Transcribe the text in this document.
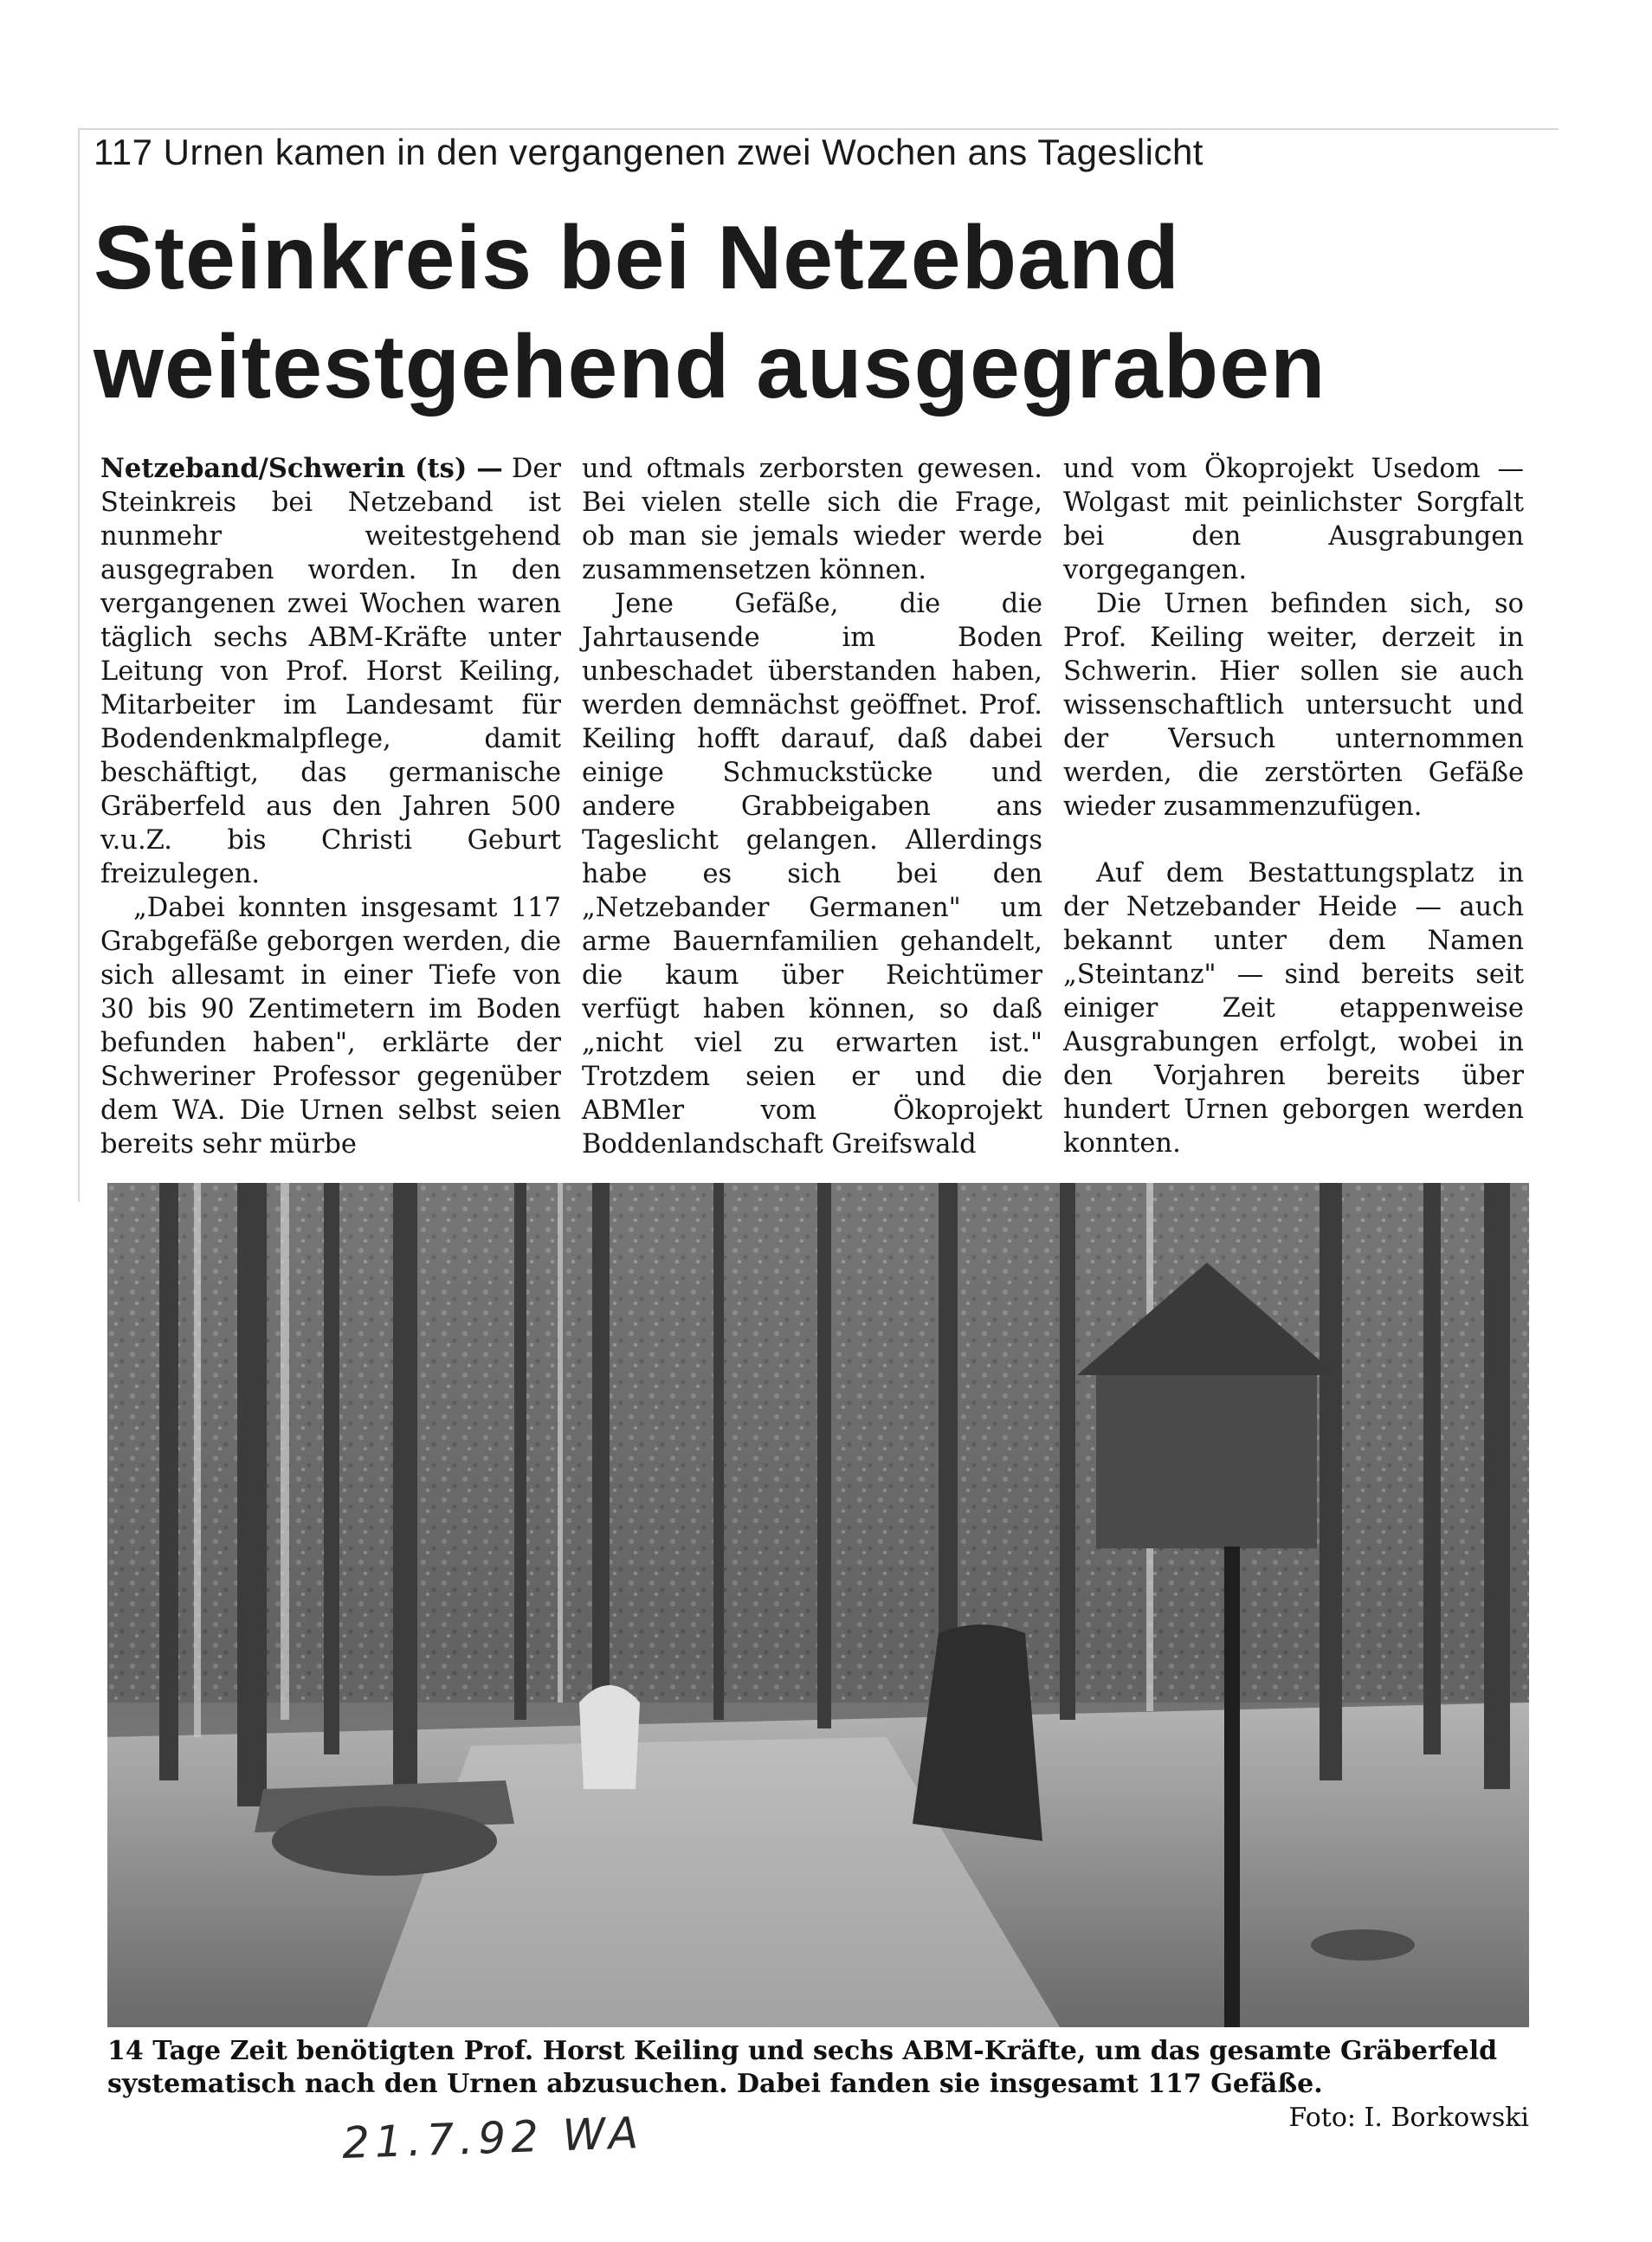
117 Urnen kamen in den vergangenen zwei Wochen ans Tageslicht
Steinkreis bei Netzeband
weitestgehend ausgegraben

Netzeband/Schwerin (ts) — Der Steinkreis bei Netzeband ist nunmehr weitestgehend ausgegraben worden. In den vergangenen zwei Wochen waren täglich sechs ABM-Kräfte unter Leitung von Prof. Horst Keiling, Mitarbeiter im Landesamt für Bodendenkmalpflege, damit beschäftigt, das germanische Gräberfeld aus den Jahren 500 v.u.Z. bis Christi Geburt freizulegen.

„Dabei konnten insgesamt 117 Grabgefäße geborgen werden, die sich allesamt in einer Tiefe von 30 bis 90 Zentimetern im Boden befunden haben", erklärte der Schweriner Professor gegenüber dem WA. Die Urnen selbst seien bereits sehr mürbe

und oftmals zerborsten gewesen. Bei vielen stelle sich die Frage, ob man sie jemals wieder werde zusammensetzen können.

Jene Gefäße, die die Jahrtausende im Boden unbeschadet überstanden haben, werden demnächst geöffnet. Prof. Keiling hofft darauf, daß dabei einige Schmuckstücke und andere Grabbeigaben ans Tageslicht gelangen. Allerdings habe es sich bei den „Netzebander Germanen" um arme Bauernfamilien gehandelt, die kaum über Reichtümer verfügt haben können, so daß „nicht viel zu erwarten ist." Trotzdem seien er und die ABMler vom Ökoprojekt Boddenlandschaft Greifswald

und vom Ökoprojekt Usedom — Wolgast mit peinlichster Sorgfalt bei den Ausgrabungen vorgegangen.

Die Urnen befinden sich, so Prof. Keiling weiter, derzeit in Schwerin. Hier sollen sie auch wissenschaftlich untersucht und der Versuch unternommen werden, die zerstörten Gefäße wieder zusammenzufügen.

Auf dem Bestattungsplatz in der Netzebander Heide — auch bekannt unter dem Namen „Steintanz" — sind bereits seit einiger Zeit etappenweise Ausgrabungen erfolgt, wobei in den Vorjahren bereits über hundert Urnen geborgen werden konnten.

14 Tage Zeit benötigten Prof. Horst Keiling und sechs ABM-Kräfte, um das gesamte Gräberfeld systematisch nach den Urnen abzusuchen. Dabei fanden sie insgesamt 117 Gefäße.
Foto: I. Borkowski
21.7.92 WA
